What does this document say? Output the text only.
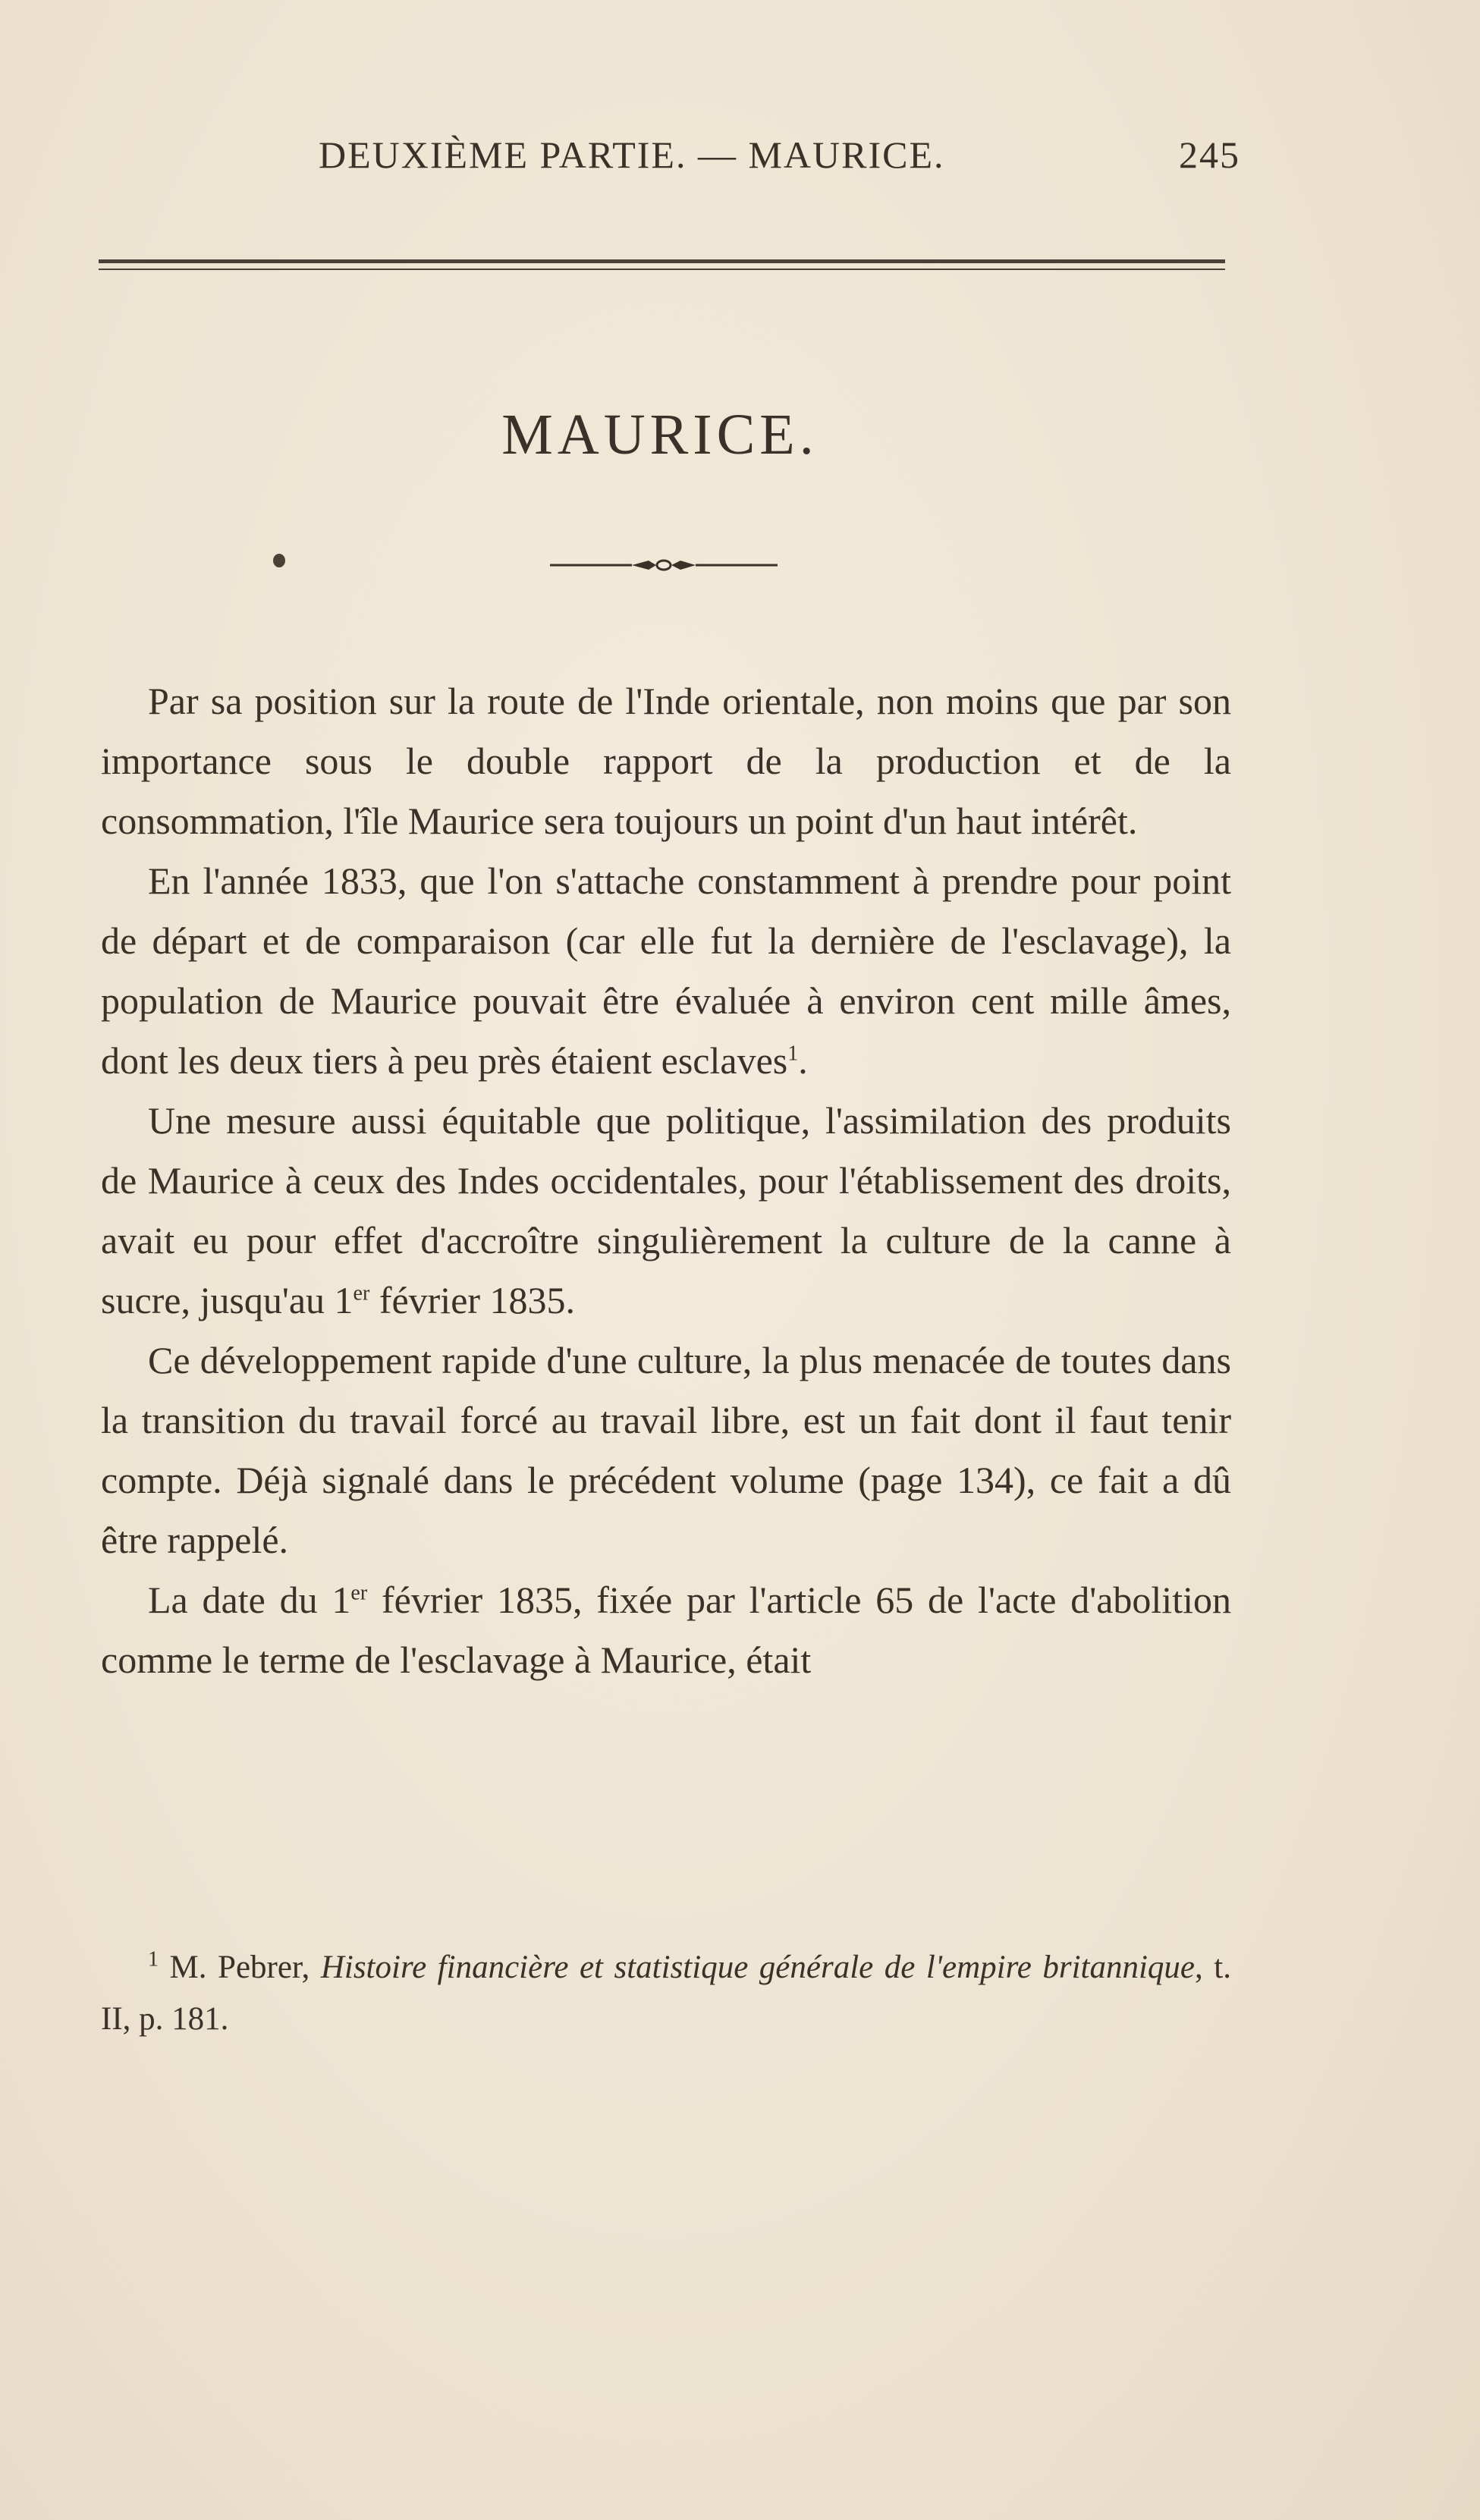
DEUXIÈME PARTIE. — MAURICE.	245
MAURICE.

Par sa position sur la route de l'Inde orientale, non moins que par son importance sous le double rapport de la production et de la consommation, l'île Maurice sera toujours un point d'un haut intérêt.

En l'année 1833, que l'on s'attache constamment à prendre pour point de départ et de comparaison (car elle fut la dernière de l'esclavage), la population de Maurice pouvait être évaluée à environ cent mille âmes, dont les deux tiers à peu près étaient esclaves$^1$.

Une mesure aussi équitable que politique, l'assimilation des produits de Maurice à ceux des Indes occidentales, pour l'établissement des droits, avait eu pour effet d'accroître singulièrement la culture de la canne à sucre, jusqu'au 1er février 1835.

Ce développement rapide d'une culture, la plus menacée de toutes dans la transition du travail forcé au travail libre, est un fait dont il faut tenir compte. Déjà signalé dans le précédent volume (page 134), ce fait a dû être rappelé.

La date du 1er février 1835, fixée par l'article 65 de l'acte d'abolition comme le terme de l'esclavage à Maurice, était

$^1$ M. Pebrer, Histoire financière et statistique générale de l'empire britannique, t. II, p. 181.
